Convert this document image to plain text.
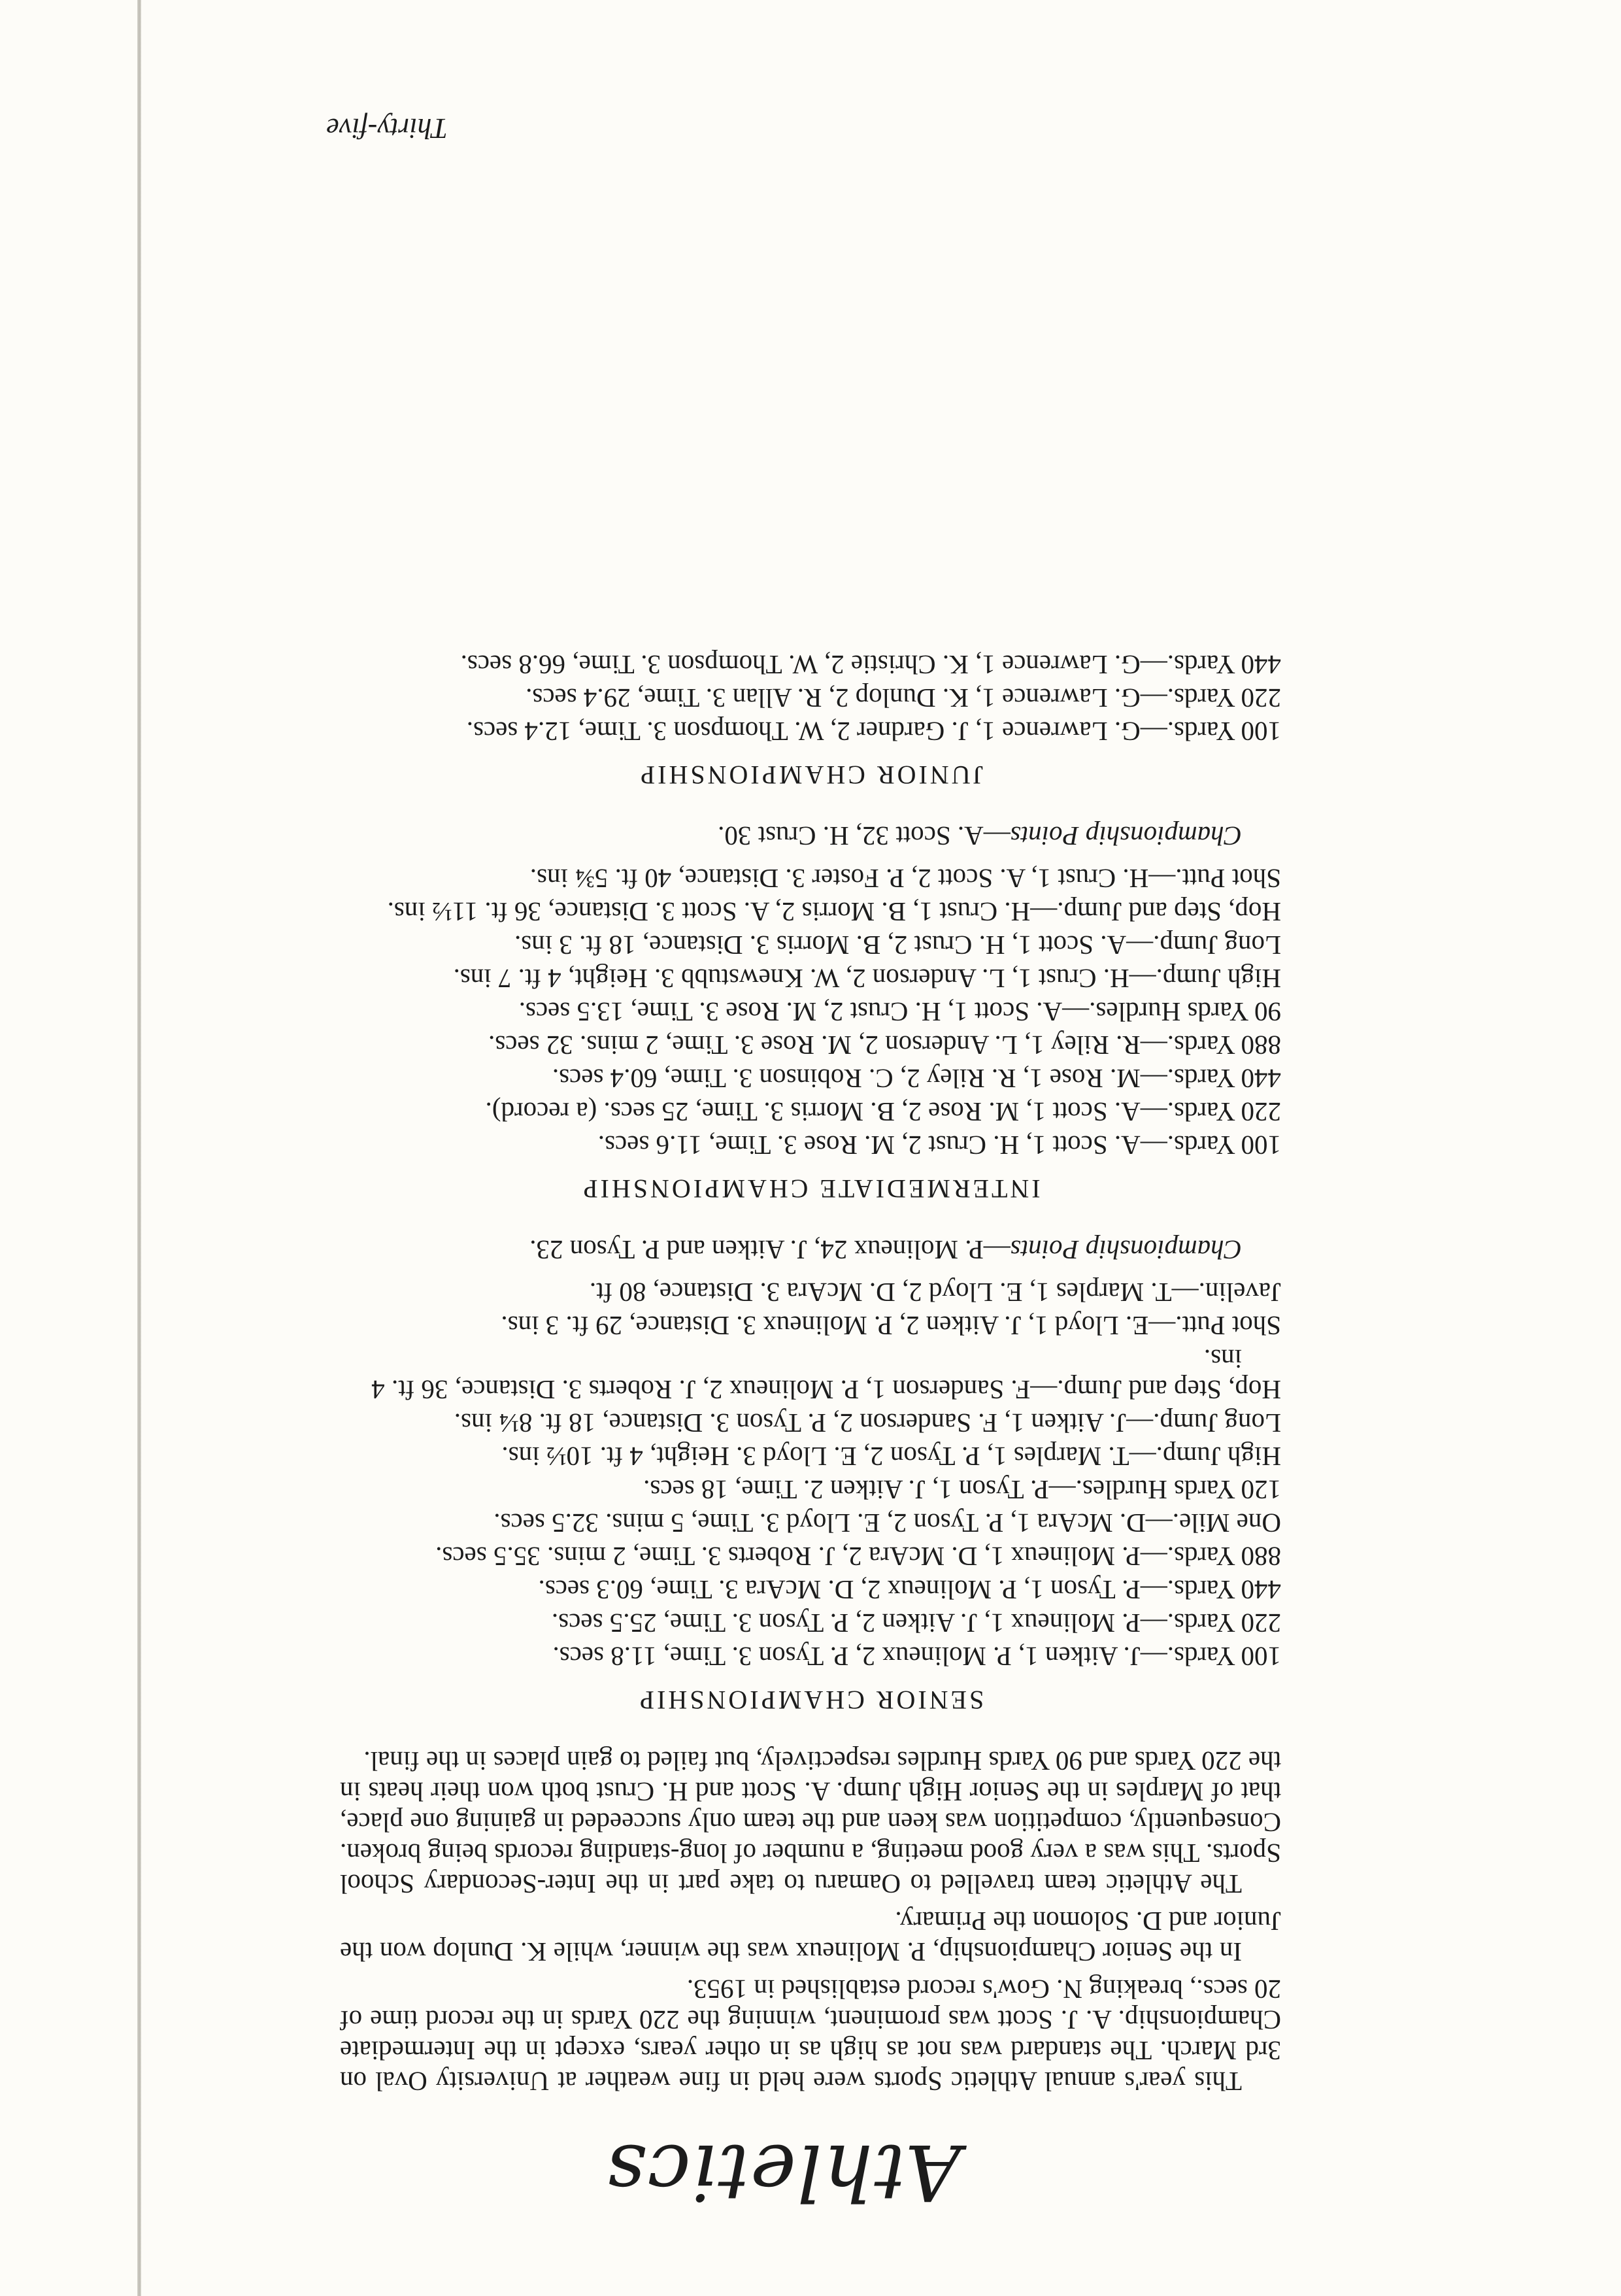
Athletics

This year's annual Athletic Sports were held in fine weather at University Oval on 3rd March. The standard was not as high as in other years, except in the Intermediate Championship. A. J. Scott was prominent, winning the 220 Yards in the record time of 20 secs., breaking N. Gow's record established in 1953.

In the Senior Championship, P. Molineux was the winner, while K. Dunlop won the Junior and D. Solomon the Primary.

The Athletic team travelled to Oamaru to take part in the Inter-Secondary School Sports. This was a very good meeting, a number of long-standing records being broken. Consequently, competition was keen and the team only succeeded in gaining one place, that of Marples in the Senior High Jump. A. Scott and H. Crust both won their heats in the 220 Yards and 90 Yards Hurdles respectively, but failed to gain places in the final.

SENIOR CHAMPIONSHIP

100 Yards.—J. Aitken 1, P. Molineux 2, P. Tyson 3. Time, 11.8 secs.

220 Yards.—P. Molineux 1, J. Aitken 2, P. Tyson 3. Time, 25.5 secs.

440 Yards.—P. Tyson 1, P. Molineux 2, D. McAra 3. Time, 60.3 secs.

880 Yards.—P. Molineux 1, D. McAra 2, J. Roberts 3. Time, 2 mins. 35.5 secs.

One Mile.—D. McAra 1, P. Tyson 2, E. Lloyd 3. Time, 5 mins. 32.5 secs.

120 Yards Hurdles.—P. Tyson 1, J. Aitken 2. Time, 18 secs.

High Jump.—T. Marples 1, P. Tyson 2, E. Lloyd 3. Height, 4 ft. 10½ ins.

Long Jump.—J. Aitken 1, F. Sanderson 2, P. Tyson 3. Distance, 18 ft. 8¼ ins.

Hop, Step and Jump.—F. Sanderson 1, P. Molineux 2, J. Roberts 3. Distance, 36 ft. 4 ins.

Shot Putt.—E. Lloyd 1, J. Aitken 2, P. Molineux 3. Distance, 29 ft. 3 ins.

Javelin.—T. Marples 1, E. Lloyd 2, D. McAra 3. Distance, 80 ft.

Championship Points—P. Molineux 24, J. Aitken and P. Tyson 23.

INTERMEDIATE CHAMPIONSHIP

100 Yards.—A. Scott 1, H. Crust 2, M. Rose 3. Time, 11.6 secs.

220 Yards.—A. Scott 1, M. Rose 2, B. Morris 3. Time, 25 secs. (a record).

440 Yards.—M. Rose 1, R. Riley 2, C. Robinson 3. Time, 60.4 secs.

880 Yards.—R. Riley 1, L. Anderson 2, M. Rose 3. Time, 2 mins. 32 secs.

90 Yards Hurdles.—A. Scott 1, H. Crust 2, M. Rose 3. Time, 13.5 secs.

High Jump.—H. Crust 1, L. Anderson 2, W. Knewstubb 3. Height, 4 ft. 7 ins.

Long Jump.—A. Scott 1, H. Crust 2, B. Morris 3. Distance, 18 ft. 3 ins.

Hop, Step and Jump.—H. Crust 1, B. Morris 2, A. Scott 3. Distance, 36 ft. 11½ ins.

Shot Putt.—H. Crust 1, A. Scott 2, P. Foster 3. Distance, 40 ft. 5¾ ins.

Championship Points—A. Scott 32, H. Crust 30.

JUNIOR CHAMPIONSHIP

100 Yards.—G. Lawrence 1, J. Gardner 2, W. Thompson 3. Time, 12.4 secs.

220 Yards.—G. Lawrence 1, K. Dunlop 2, R. Allan 3. Time, 29.4 secs.

440 Yards.—G. Lawrence 1, K. Christie 2, W. Thompson 3. Time, 66.8 secs.

Thirty-five
